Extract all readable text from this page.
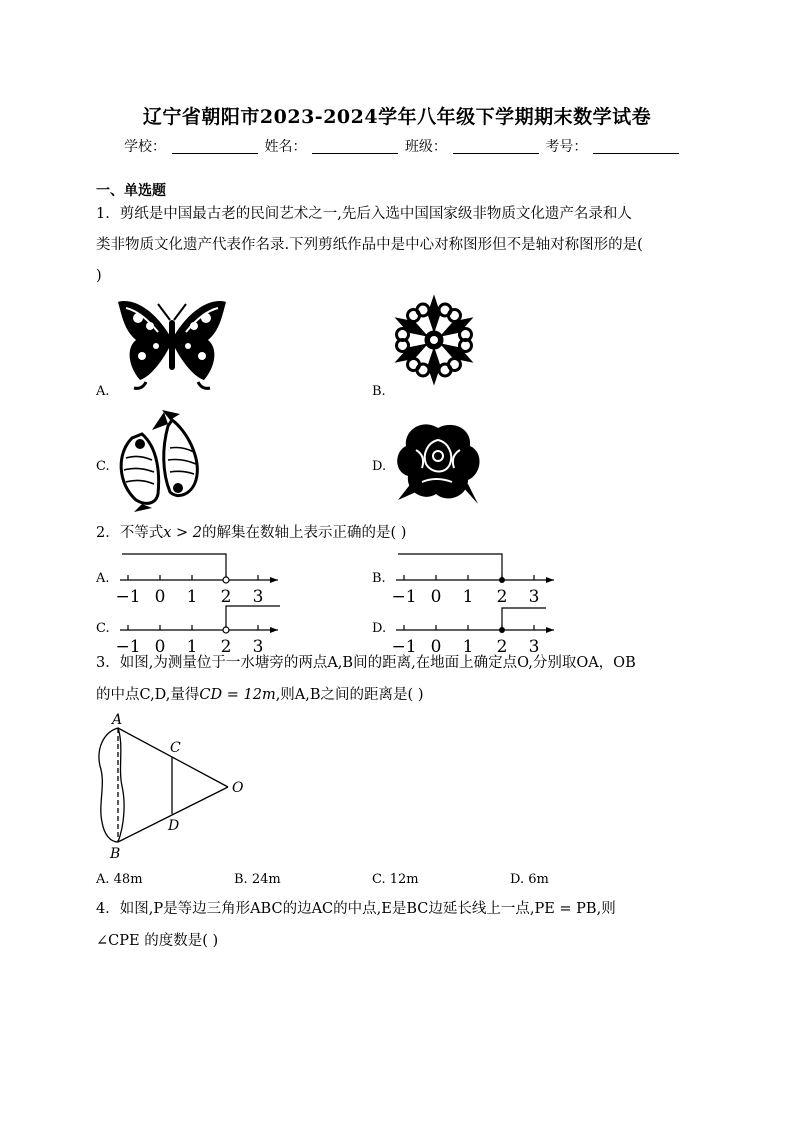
辽宁省朝阳市2023-2024学年八年级下学期期末数学试卷
学校：	姓名：	班级：	考号：
一、单选题
1．剪纸是中国最古老的民间艺术之一,先后入选中国国家级非物质文化遗产名录和人
类非物质文化遗产代表作名录.下列剪纸作品中是中心对称图形但不是轴对称图形的是(
)
A.	B.
C.	D.
2．不等式x > 2的解集在数轴上表示正确的是( )
A.
−1 0 1 2 3
B.
−1 0 1 2 3
C.
−1 0 1 2 3
D.
−1 0 1 2 3
3．如图,为测量位于一水塘旁的两点A,B间的距离,在地面上确定点O,分别取OA，OB
的中点C,D,量得CD = 12m,则A,B之间的距离是( )
A
B
C
D
O
A. 48m	B. 24m	C. 12m	D. 6m
4．如图,P是等边三角形ABC的边AC的中点,E是BC边延长线上一点,PE = PB,则
∠CPE 的度数是( )
